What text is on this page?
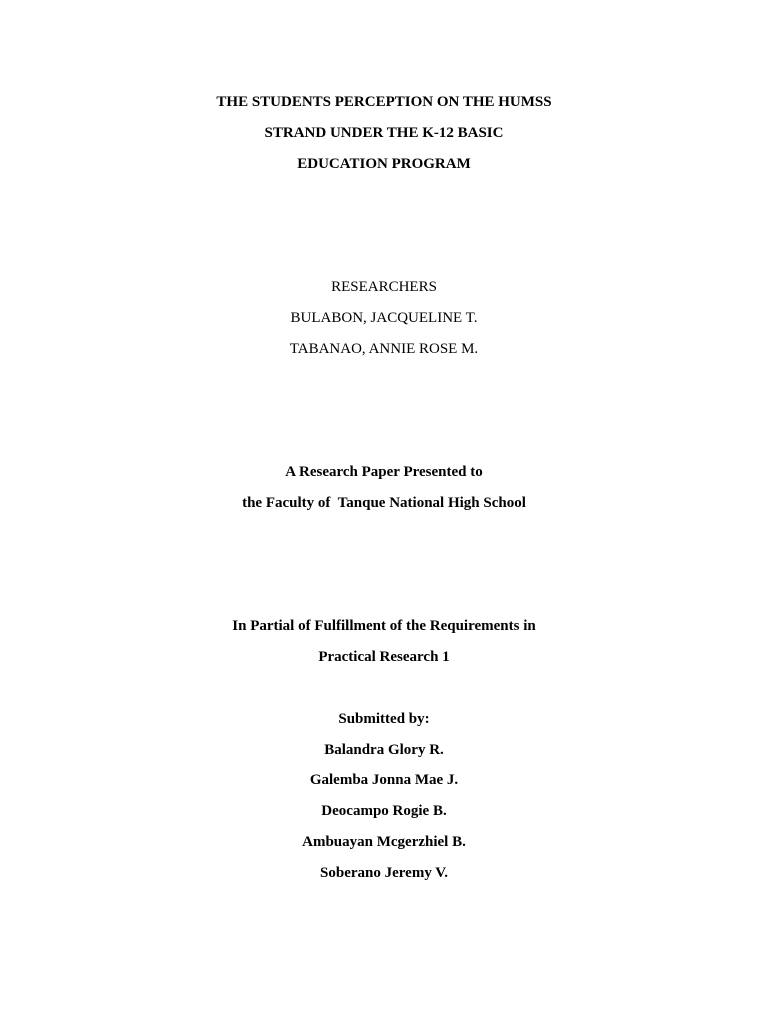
THE STUDENTS PERCEPTION ON THE HUMSS
STRAND UNDER THE K-12 BASIC
EDUCATION PROGRAM
RESEARCHERS
BULABON, JACQUELINE T.
TABANAO, ANNIE ROSE M.
A Research Paper Presented to
the Faculty of  Tanque National High School
In Partial of Fulfillment of the Requirements in
Practical Research 1
Submitted by:
Balandra Glory R.
Galemba Jonna Mae J.
Deocampo Rogie B.
Ambuayan Mcgerzhiel B.
Soberano Jeremy V.
